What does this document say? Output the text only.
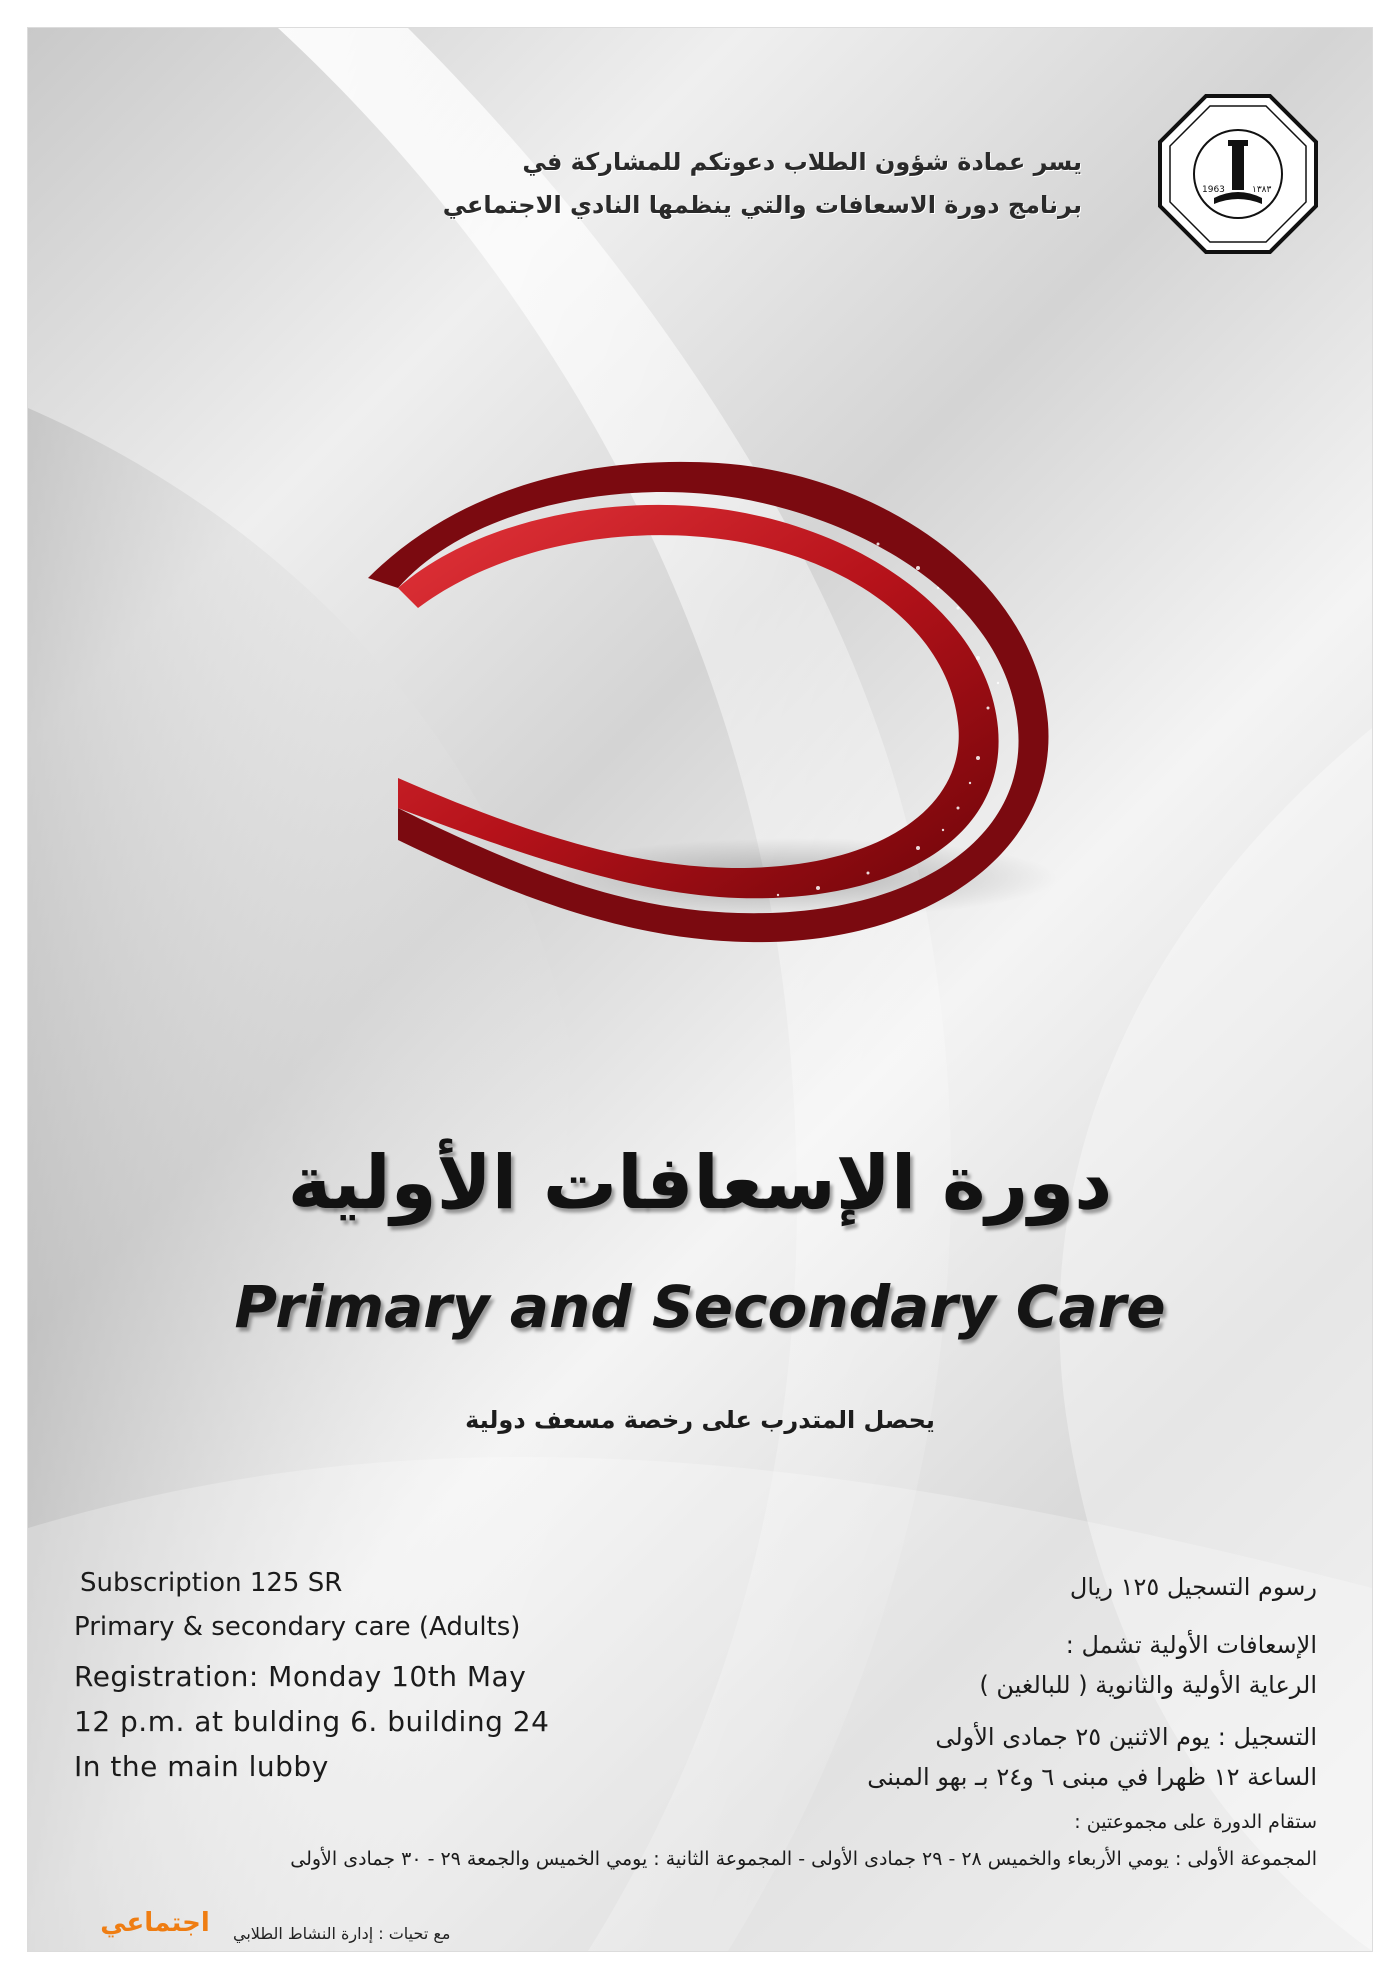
1963	١٣٨٣
يسر عمادة شؤون الطلاب دعوتكم للمشاركة في
برنامج دورة الاسعافات والتي ينظمها النادي الاجتماعي
دورة الإسعافات الأولية
Primary and Secondary Care
يحصل المتدرب على رخصة مسعف دولية
Subscription 125 SR
Primary & secondary care (Adults)
Registration: Monday 10th May
12 p.m. at bulding 6. building 24
In the main lubby
رسوم التسجيل ١٢٥ ريال
الإسعافات الأولية تشمل :
الرعاية الأولية والثانوية ( للبالغين )
التسجيل : يوم الاثنين ٢٥ جمادى الأولى
الساعة ١٢ ظهرا في مبنى ٦ و٢٤ بـ بهو المبنى
ستقام الدورة على مجموعتين :
المجموعة الأولى : يومي الأربعاء والخميس ٢٨ - ٢٩ جمادى الأولى - المجموعة الثانية : يومي الخميس والجمعة ٢٩ - ٣٠ جمادى الأولى
اجتماعي	مع تحيات : إدارة النشاط الطلابي
